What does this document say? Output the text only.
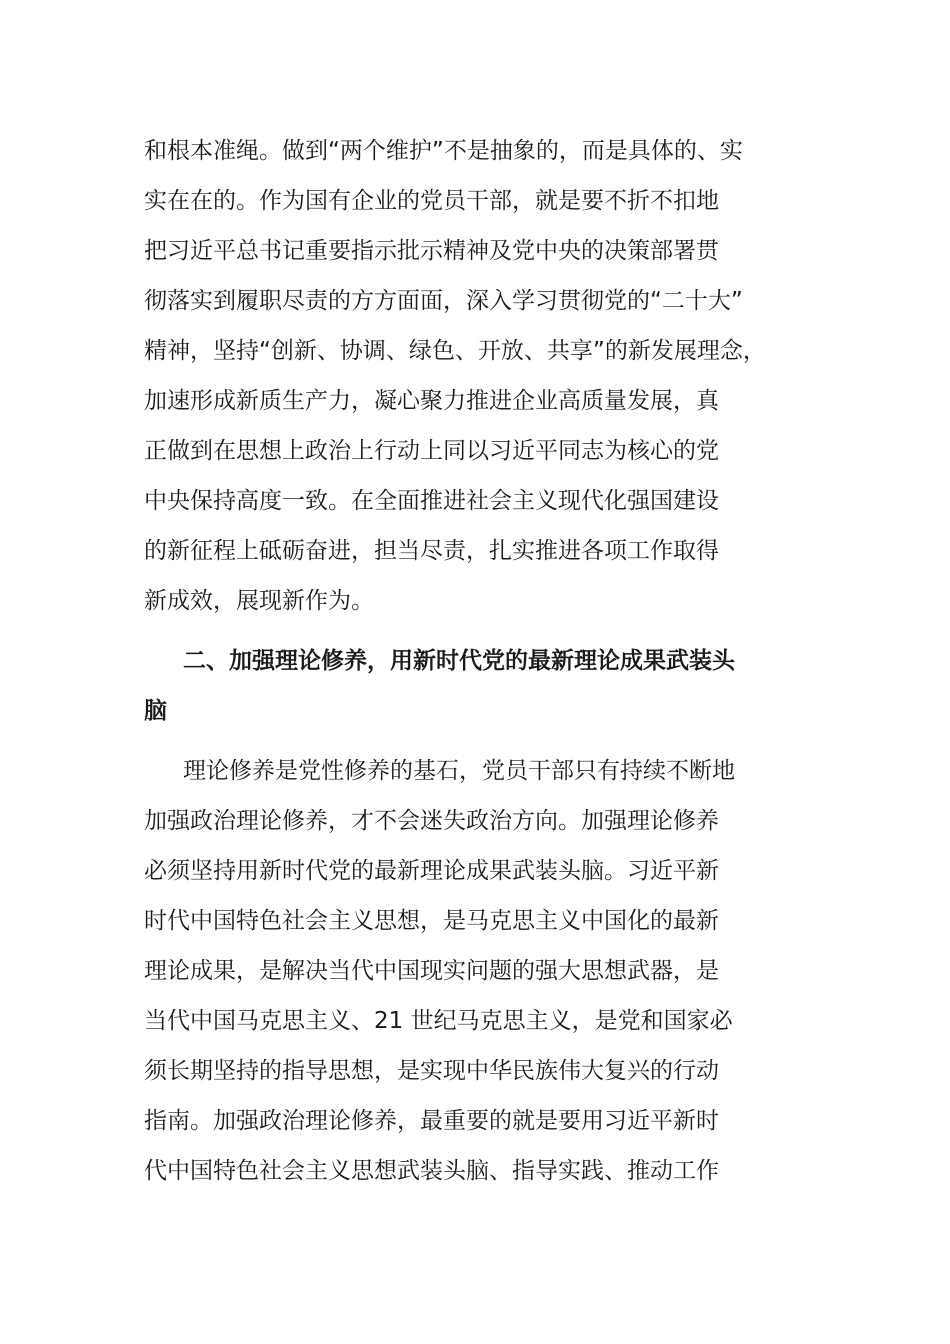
和根本准绳。做到“两个维护”不是抽象的，而是具体的、实
实在在的。作为国有企业的党员干部，就是要不折不扣地
把习近平总书记重要指示批示精神及党中央的决策部署贯
彻落实到履职尽责的方方面面，深入学习贯彻党的“二十大”
精神，坚持“创新、协调、绿色、开放、共享”的新发展理念，
加速形成新质生产力，凝心聚力推进企业高质量发展，真
正做到在思想上政治上行动上同以习近平同志为核心的党
中央保持高度一致。在全面推进社会主义现代化强国建设
的新征程上砥砺奋进，担当尽责，扎实推进各项工作取得
新成效，展现新作为。
二、加强理论修养，用新时代党的最新理论成果武装头
脑
理论修养是党性修养的基石，党员干部只有持续不断地
加强政治理论修养，才不会迷失政治方向。加强理论修养
必须坚持用新时代党的最新理论成果武装头脑。习近平新
时代中国特色社会主义思想，是马克思主义中国化的最新
理论成果，是解决当代中国现实问题的强大思想武器，是
当代中国马克思主义、21 世纪马克思主义，是党和国家必
须长期坚持的指导思想，是实现中华民族伟大复兴的行动
指南。加强政治理论修养，最重要的就是要用习近平新时
代中国特色社会主义思想武装头脑、指导实践、推动工作
